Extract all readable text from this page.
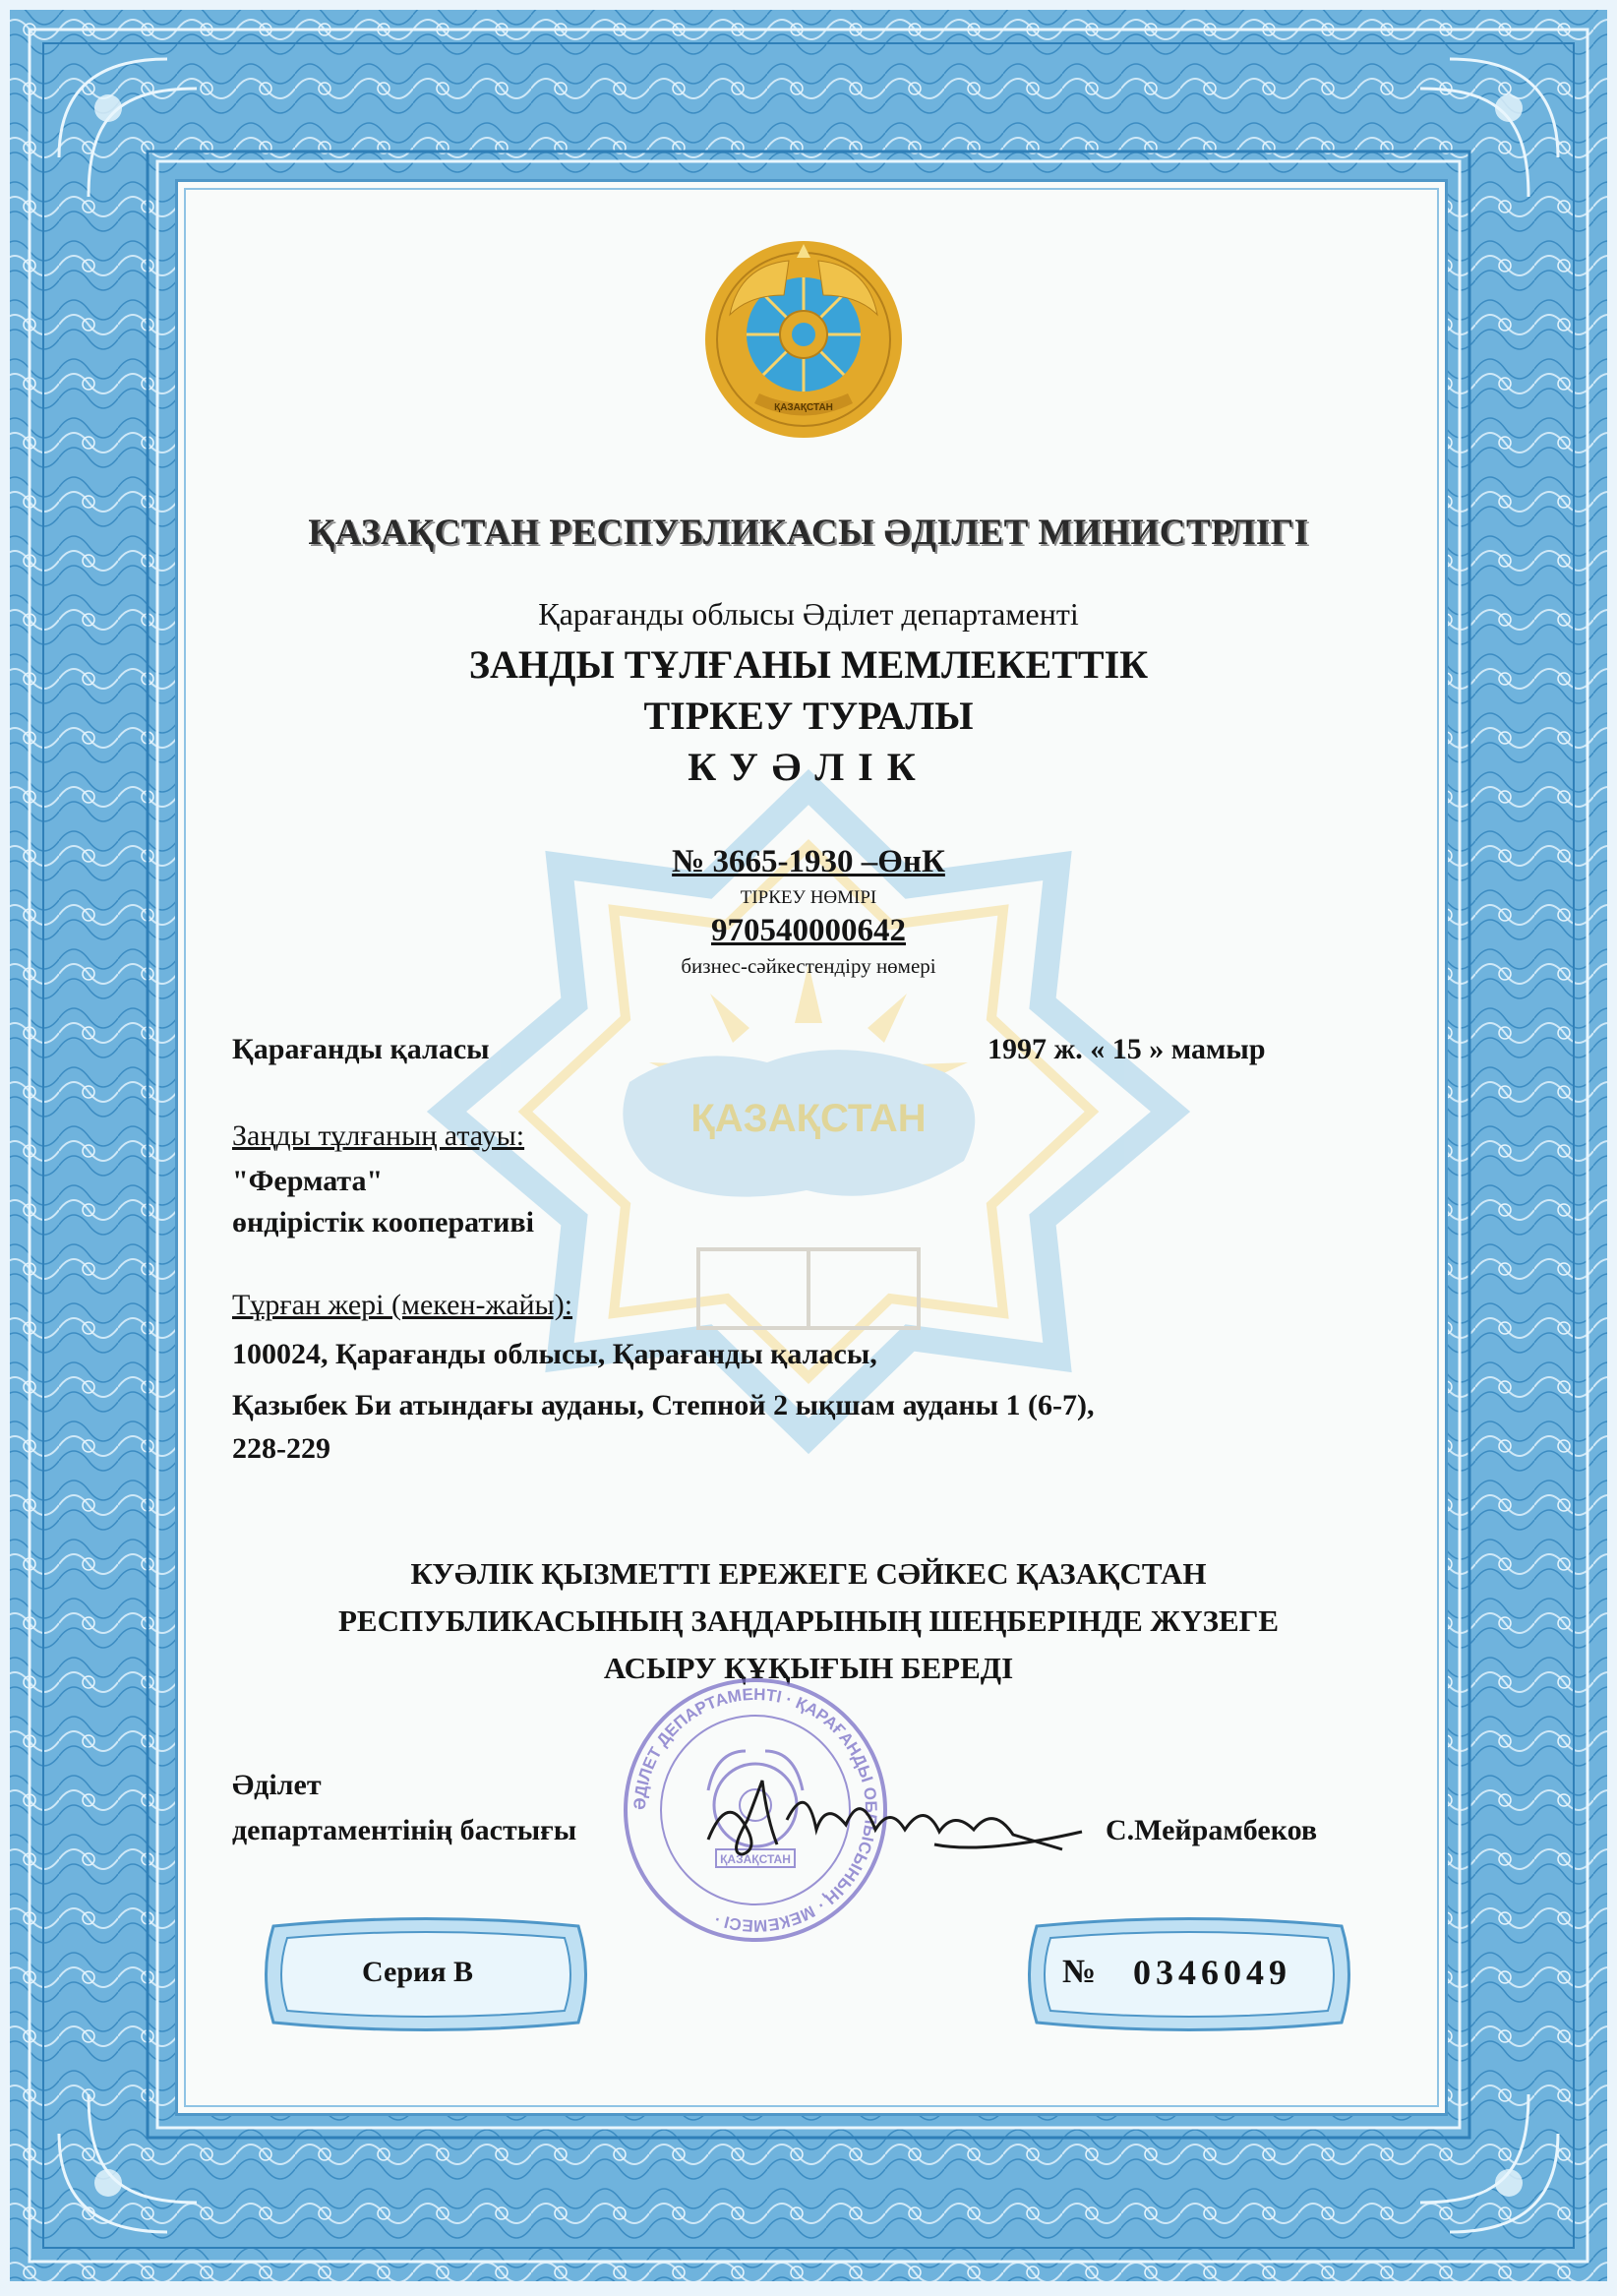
ҚАЗАҚСТАН
ҚАЗАҚСТАН
ҚАЗАҚСТАН РЕСПУБЛИКАСЫ ӘДІЛЕТ МИНИСТРЛІГІ
Қарағанды облысы Әділет департаменті
ЗАНДЫ ТҰЛҒАНЫ МЕМЛЕКЕТТІК
ТІРКЕУ ТУРАЛЫ
КУӘЛІК
№ 3665-1930 –ӨнК
ТІРКЕУ НӨМІРІ
970540000642
бизнес-сәйкестендіру нөмері
Қарағанды қаласы	1997 ж. « 15 » мамыр
Заңды тұлғаның атауы:
"Фермата"
өндірістік кооперативі
Тұрған жері (мекен-жайы):
100024, Қарағанды облысы, Қарағанды қаласы,
Қазыбек Би атындағы ауданы, Степной 2 ықшам ауданы 1 (6-7),
228-229
КУӘЛІК ҚЫЗМЕТТІ ЕРЕЖЕГЕ СӘЙКЕС ҚАЗАҚСТАН
РЕСПУБЛИКАСЫНЫҢ ЗАҢДАРЫНЫҢ ШЕҢБЕРІНДЕ ЖҮЗЕГЕ
АСЫРУ ҚҰҚЫҒЫН БЕРЕДІ
ӘДІЛЕТ ДЕПАРТАМЕНТІ · ҚАРАҒАНДЫ ОБЛЫСЫНЫҢ · МЕКЕМЕСІ ·
ҚАЗАҚСТАН
Әділет
департаментінің бастығы	С.Мейрамбеков
Серия В	№ 0346049
